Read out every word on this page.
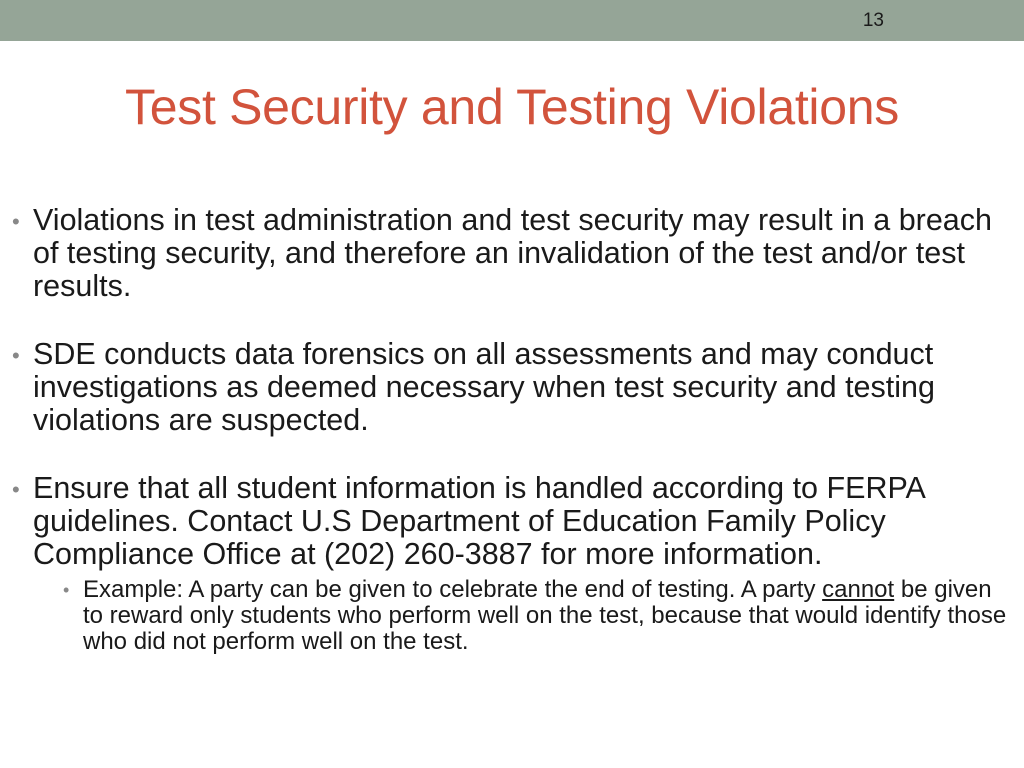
13
Test Security and Testing Violations
• Violations in test administration and test security may result in a breach of testing security, and therefore an invalidation of the test and/or test results.
• SDE conducts data forensics on all assessments and may conduct investigations as deemed necessary when test security and testing violations are suspected.
• Ensure that all student information is handled according to FERPA guidelines. Contact U.S Department of Education Family Policy Compliance Office at (202) 260-3887 for more information.
• Example: A party can be given to celebrate the end of testing. A party cannot be given to reward only students who perform well on the test, because that would identify those who did not perform well on the test.
